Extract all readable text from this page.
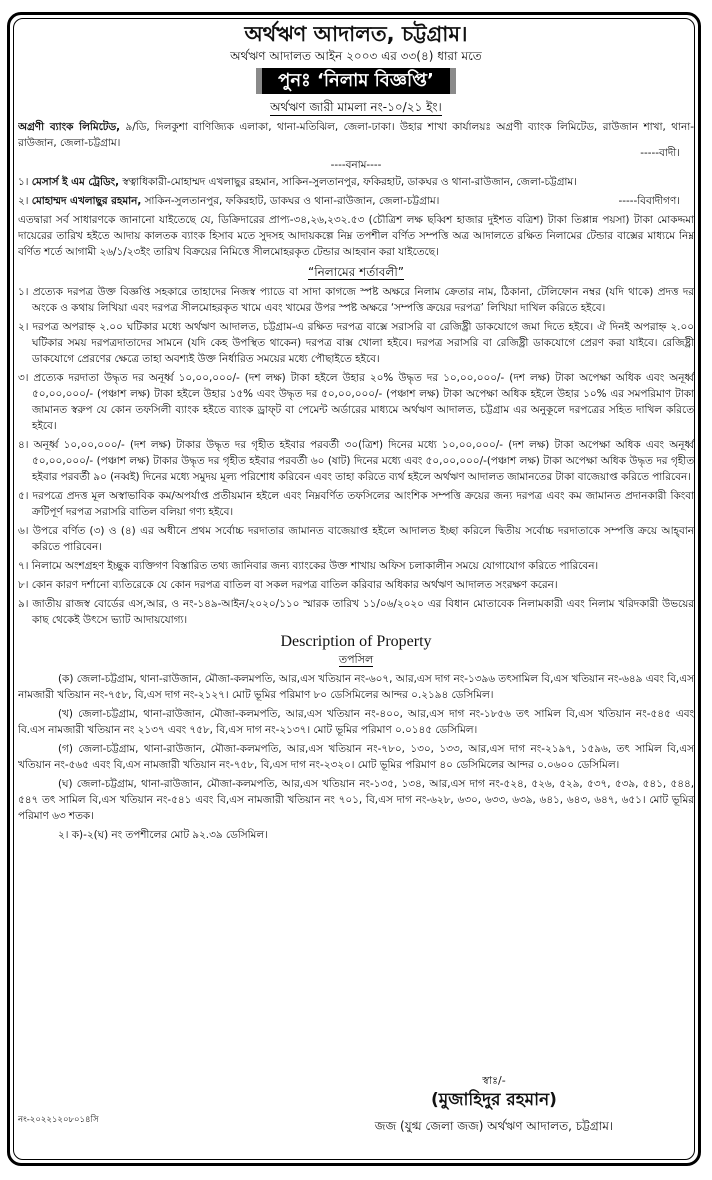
অর্থঋণ আদালত, চট্টগ্রাম।
অর্থঋণ আদালত আইন ২০০৩ এর ৩৩(৪) ধারা মতে
পুনঃ ‘নিলাম বিজ্ঞপ্তি’
অর্থঋণ জারী মামলা নং-১০/২১ ইং।

অগ্রণী ব্যাংক লিমিটেড, ৯/ডি, দিলকুশা বাণিজ্যিক এলাকা, থানা-মতিঝিল, জেলা-ঢাকা। উহার শাখা কার্যালয়ঃ অগ্রণী ব্যাংক লিমিটেড, রাউজান শাখা, থানা-রাউজান, জেলা-চট্টগ্রাম।

-----বাদী।
----বনাম----

১। মেসার্স ই এম ট্রেডিং, স্বত্বাধিকারী-মোহাম্মদ এখলাছুর রহমান, সাকিন-সুলতানপুর, ফকিরহাট, ডাকঘর ও থানা-রাউজান, জেলা-চট্টগ্রাম।

২। মোহাম্মদ এখলাছুর রহমান, সাকিন-সুলতানপুর, ফকিরহাট, ডাকঘর ও থানা-রাউজান, জেলা-চট্টগ্রাম।	-----বিবাদীগণ।

এতদ্বারা সর্ব সাধারণকে জানানো যাইতেছে যে, ডিক্রিদারের প্রাপ্য-৩৪,২৬,২৩২.৫৩ (চৌত্রিশ লক্ষ ছব্বিশ হাজার দুইশত বত্রিশ) টাকা তিপ্পান্ন পয়সা) টাকা মোকদ্দমা দায়েরের তারিখ হইতে আদায় কালতক ব্যাংক হিসাব মতে সুদসহ আদায়কল্পে নিম্ন তপশীল বর্ণিত সম্পত্তি অত্র আদালতে রক্ষিত নিলামের টেন্ডার বাক্সের মাধ্যমে নিম্ন বর্ণিত শর্তে আগামী ২৬/১/২৩ইং তারিখ বিক্রয়ের নিমিত্তে সীলমোহরকৃত টেন্ডার আহবান করা যাইতেছে।

“নিলামের শর্তাবলী”

১। প্রত্যেক দরপত্র উক্ত বিজ্ঞপ্তি সহকারে তাহাদের নিজস্ব প্যাডে বা সাদা কাগজে স্পষ্ট অক্ষরে নিলাম ক্রেতার নাম, ঠিকানা, টেলিফোন নম্বর (যদি থাকে) প্রদত্ত দর অংকে ও কথায় লিখিয়া এবং দরপত্র সীলমোহরকৃত খামে এবং খামের উপর স্পষ্ট অক্ষরে ‘সম্পত্তি ক্রয়ের দরপত্র’ লিখিয়া দাখিল করিতে হইবে।

২। দরপত্র অপরাহ্ন ২.০০ ঘটিকার মধ্যে অর্থঋণ আদালত, চট্টগ্রাম-এ রক্ষিত দরপত্র বাক্সে সরাসরি বা রেজিষ্ট্রী ডাকযোগে জমা দিতে হইবে। ঐ দিনই অপরাহ্ন ২.০০ ঘটিকার সময় দরপত্রদাতাদের সামনে (যদি কেহ উপস্থিত থাকেন) দরপত্র বাক্স খোলা হইবে। দরপত্র সরাসরি বা রেজিষ্ট্রী ডাকযোগে প্রেরণ করা যাইবে। রেজিষ্ট্রী ডাকযোগে প্রেরণের ক্ষেত্রে তাহা অবশ্যই উক্ত নির্ধারিত সময়ের মধ্যে পৌছাইতে হইবে।

৩। প্রত্যেক দরদাতা উদ্ধৃত দর অনূর্ধ্ব ১০,০০,০০০/- (দশ লক্ষ) টাকা হইলে উহার ২০% উদ্ধৃত দর ১০,০০,০০০/- (দশ লক্ষ) টাকা অপেক্ষা অধিক এবং অনূর্ধ্ব ৫০,০০,০০০/- (পঞ্চাশ লক্ষ) টাকা হইলে উহার ১৫% এবং উদ্ধৃত দর ৫০,০০,০০০/- (পঞ্চাশ লক্ষ) টাকা অপেক্ষা অধিক হইলে উহার ১০% এর সমপরিমাণ টাকা জামানত স্বরুপ যে কোন তফসিলী ব্যাংক হইতে ব্যাংক ড্রাফ্‌ট বা পেমেন্ট অর্ডারের মাধ্যমে অর্থঋণ আদালত, চট্টগ্রাম এর অনুকূলে দরপত্রের সহিত দাখিল করিতে হইবে।

৪। অনূর্ধ্ব ১০,০০,০০০/- (দশ লক্ষ) টাকার উদ্ধৃত দর গৃহীত হইবার পরবর্তী ৩০(ত্রিশ) দিনের মধ্যে ১০,০০,০০০/- (দশ লক্ষ) টাকা অপেক্ষা অধিক এবং অনূর্ধ্ব ৫০,০০,০০০/- (পঞ্চাশ লক্ষ) টাকার উদ্ধৃত দর গৃহীত হইবার পরবর্তী ৬০ (ষাট) দিনের মধ্যে এবং ৫০,০০,০০০/-(পঞ্চাশ লক্ষ) টাকা অপেক্ষা অধিক উদ্ধৃত দর গৃহীত হইবার পরবর্তী ৯০ (নব্বই) দিনের মধ্যে সমুদয় মূল্য পরিশোধ করিবেন এবং তাহা করিতে ব্যর্থ হইলে অর্থঋণ আদালত জামানতের টাকা বাজেয়াপ্ত করিতে পারিবেন।

৫। দরপত্রে প্রদত্ত মূল অস্বাভাবিক কম/অপর্যাপ্ত প্রতীয়মান হইলে এবং নিম্নবর্ণিত তফসিলের আংশিক সম্পত্তি ক্রয়ের জন্য দরপত্র এবং কম জামানত প্রদানকারী কিংবা ক্রটিপূর্ণ দরপত্র সরাসরি বাতিল বলিয়া গণ্য হইবে।

৬। উপরে বর্ণিত (৩) ও (৪) এর অধীনে প্রথম সর্বোচ্চ দরদাতার জামানত বাজেয়াপ্ত হইলে আদালত ইচ্ছা করিলে দ্বিতীয় সর্বোচ্চ দরদাতাকে সম্পত্তি ক্রয়ে আহ্‌বান করিতে পারিবেন।

৭। নিলামে অংশগ্রহণ ইচ্ছুক ব্যক্তিগণ বিস্তারিত তথ্য জানিবার জন্য ব্যাংকের উক্ত শাখায় অফিস চলাকালীন সময়ে যোগাযোগ করিতে পারিবেন।

৮। কোন কারণ দর্শানো ব্যতিরেকে যে কোন দরপত্র বাতিল বা সকল দরপত্র বাতিল করিবার অধিকার অর্থঋণ আদালত সংরক্ষণ করেন।

৯। জাতীয় রাজস্ব বোর্ডের এস,আর, ও নং-১৪৯-আইন/২০২০/১১০ স্মারক তারিখ ১১/০৬/২০২০ এর বিধান মোতাবেক নিলামকারী এবং নিলাম খরিদকারী উভয়ের কাছ থেকেই উৎসে ভ্যাট আদায়যোগ্য।

Description of Property
তপসিল

(ক) জেলা-চট্টগ্রাম, থানা-রাউজান, মৌজা-কলমপতি, আর,এস খতিয়ান নং-৬০৭, আর,এস দাগ নং-১৩৯৬ তৎসামিল বি,এস খতিয়ান নং-৬৪৯ এবং বি,এস নামজারী খতিয়ান নং-৭৫৮, বি,এস দাগ নং-২১২৭। মোট ভূমির পরিমাণ ৮০ ডেসিমিলের আন্দর ০.২১৯৪ ডেসিমিল।

(খ) জেলা-চট্টগ্রাম, থানা-রাউজান, মৌজা-কলমপতি, আর,এস খতিয়ান নং-৪০০, আর,এস দাগ নং-১৮৫৬ তৎ সামিল বি,এস খতিয়ান নং-৫৪৫ এবং বি.এস নামজারী খতিয়ান নং ২১৩৭ এবং ৭৫৮, বি,এস দাগ নং-২১৩৭। মোট ভূমির পরিমাণ ০.০১৪৫ ডেসিমিল।

(গ) জেলা-চট্টগ্রাম, থানা-রাউজান, মৌজা-কলমপতি, আর,এস খতিয়ান নং-৭৮০, ১৩০, ১৩৩, আর,এস দাগ নং-২১৯৭, ১৫৯৬, তৎ সামিল বি,এস খতিয়ান নং-৫৬৫ এবং বি,এস নামজারী খতিয়ান নং-৭৫৮, বি,এস দাগ নং-২৩২০। মোট ভূমির পরিমাণ ৪০ ডেসিমিলের আন্দর ০.০৬০০ ডেসিমিল।

(ঘ) জেলা-চট্টগ্রাম, থানা-রাউজান, মৌজা-কলমপতি, আর,এস খতিয়ান নং-১৩৫, ১৩৪, আর,এস দাগ নং-৫২৪, ৫২৬, ৫২৯, ৫৩৭, ৫৩৯, ৫৪১, ৫৪৪, ৫৪৭ তৎ সামিল বি,এস খতিয়ান নং-৫৪১ এবং বি,এস নামজারী খতিয়ান নং ৭০১, বি,এস দাগ নং-৬২৮, ৬৩০, ৬৩৩, ৬৩৯, ৬৪১, ৬৪৩, ৬৪৭, ৬৫১। মোট ভূমির পরিমাণ ৬৩ শতক।

২। ক)-২(ঘ) নং তপশীলের মোট ৯২.৩৯ ডেসিমিল।

স্বাঃ/-
(মুজাহিদুর রহমান)
জজ (যুগ্ম জেলা জজ) অর্থঋণ আদালত, চট্টগ্রাম।
নং-২০২২১২০৮০১৪সি
